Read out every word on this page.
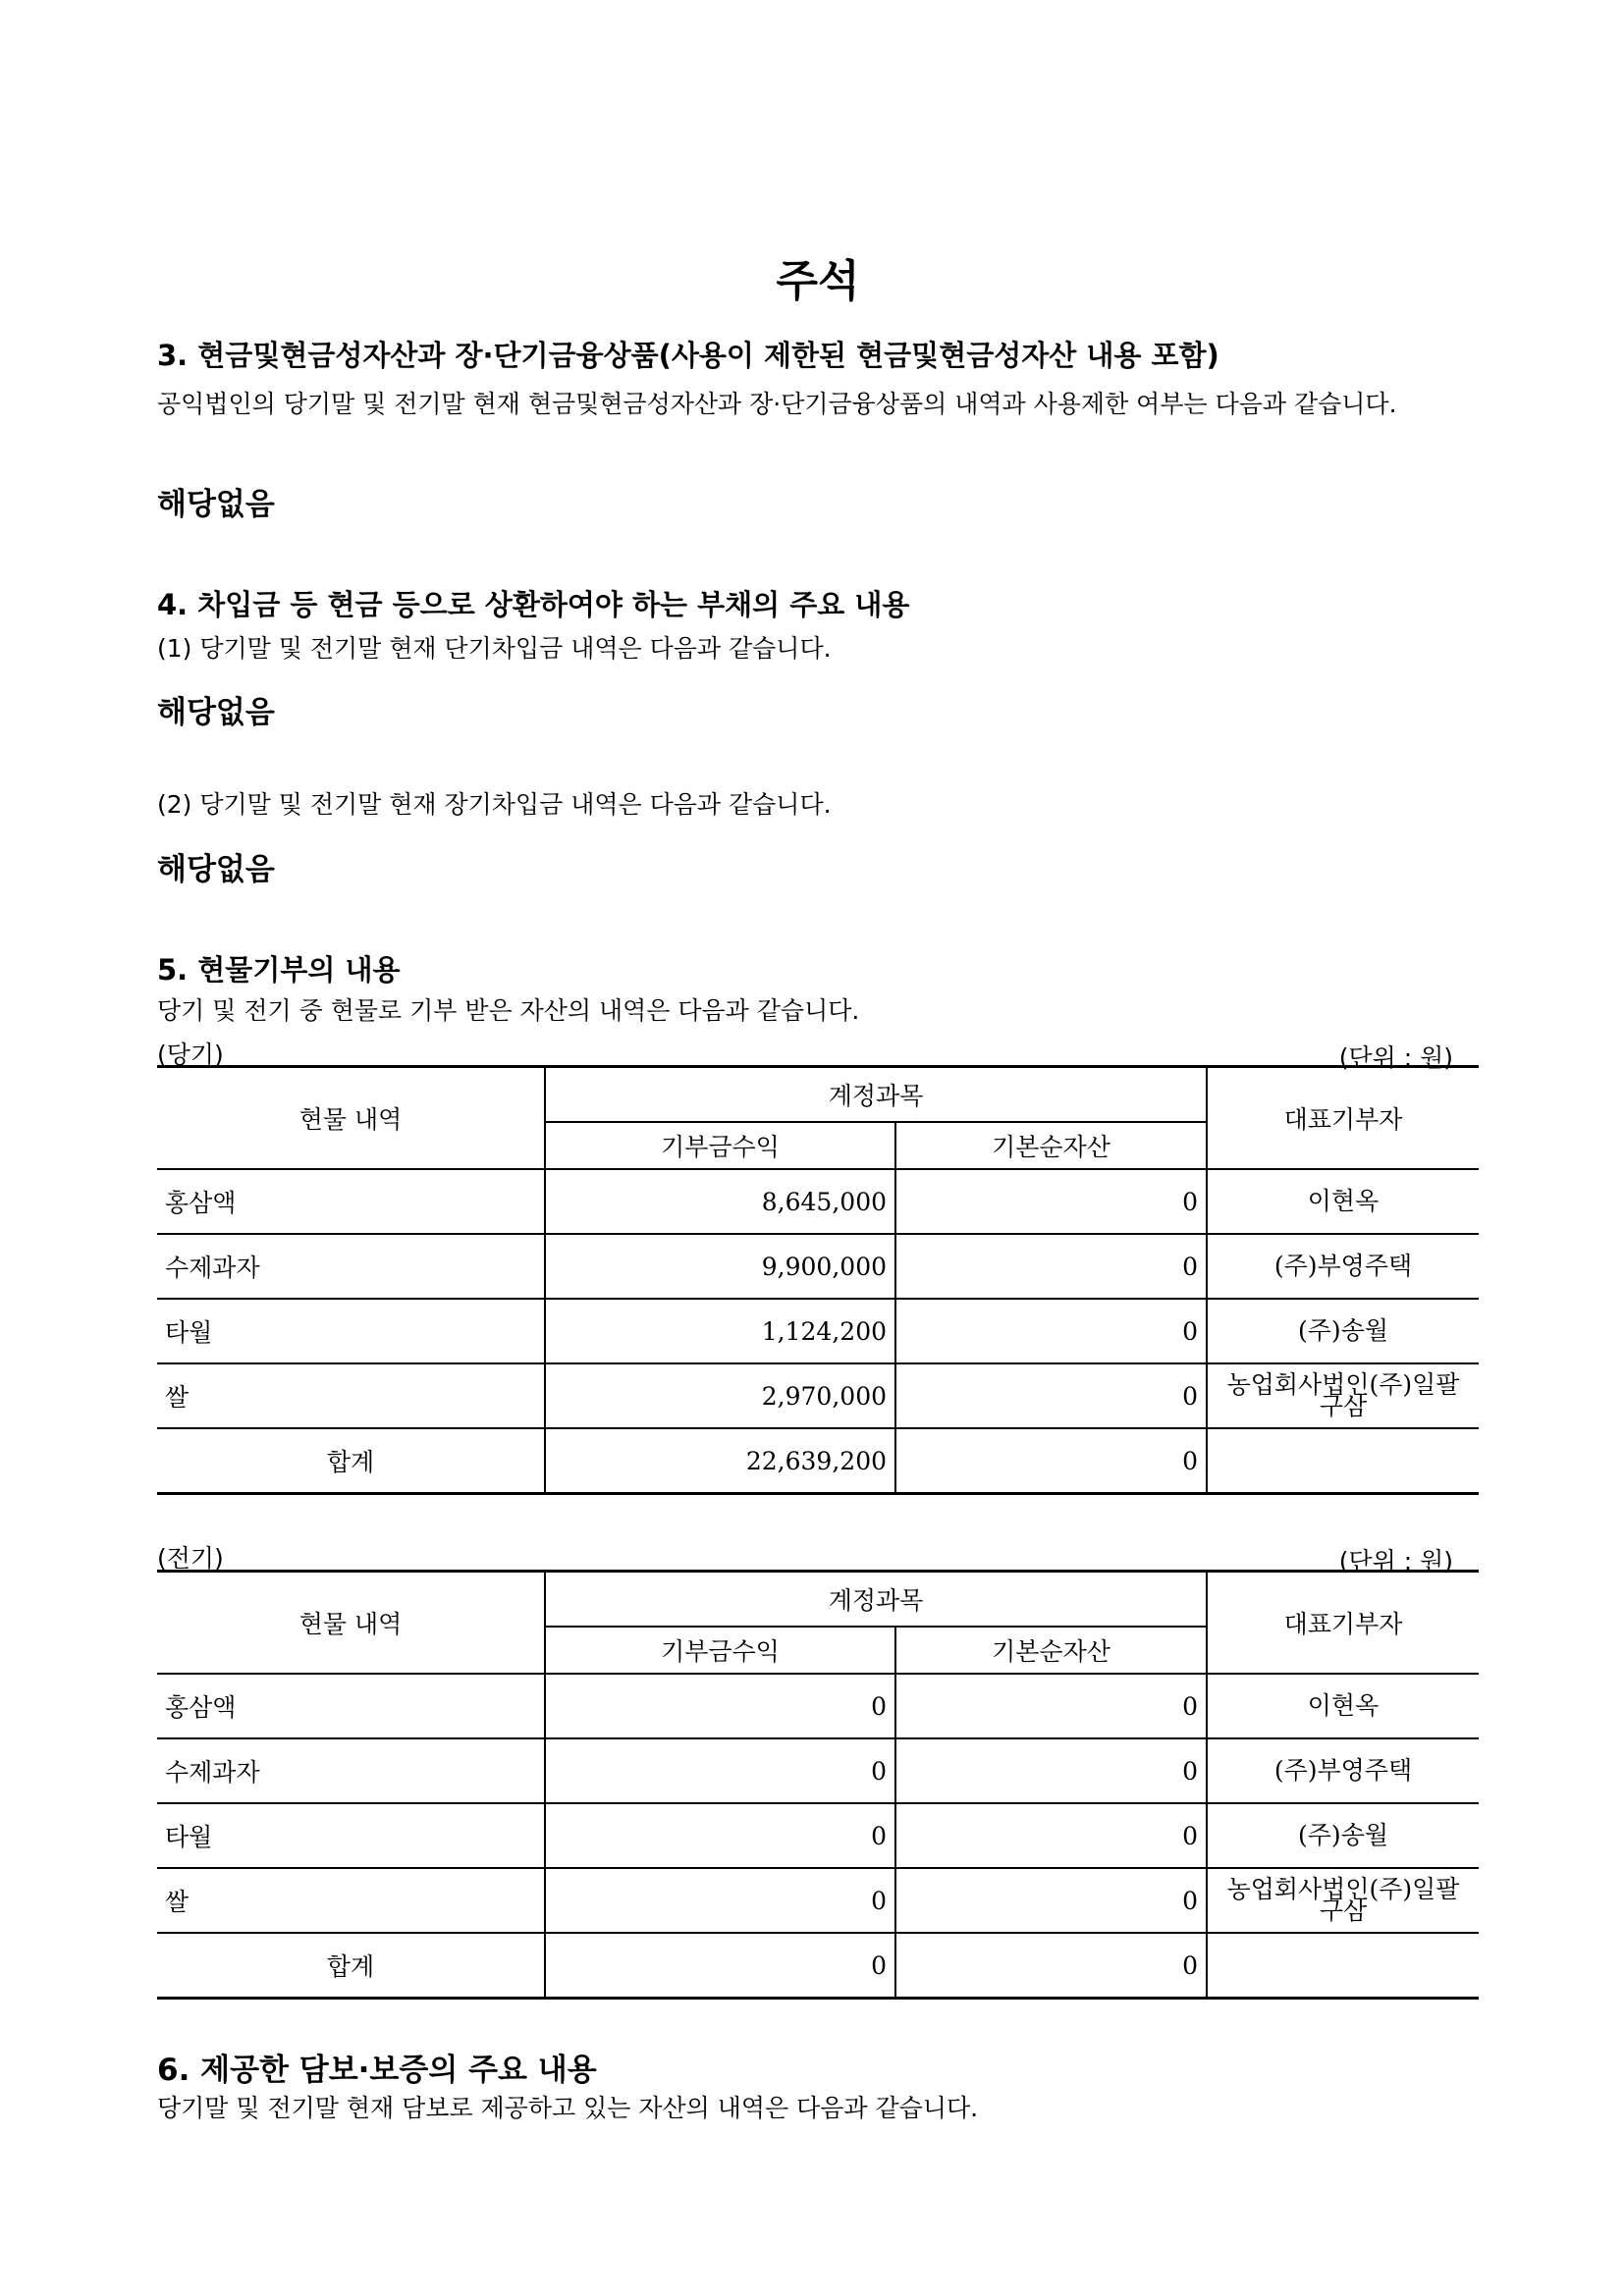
주석
3. 현금및현금성자산과 장·단기금융상품(사용이 제한된 현금및현금성자산 내용 포함)
공익법인의 당기말 및 전기말 현재 현금및현금성자산과 장·단기금융상품의 내역과 사용제한 여부는 다음과 같습니다.
해당없음
4. 차입금 등 현금 등으로 상환하여야 하는 부채의 주요 내용
(1) 당기말 및 전기말 현재 단기차입금 내역은 다음과 같습니다.
해당없음
(2) 당기말 및 전기말 현재 장기차입금 내역은 다음과 같습니다.
해당없음
5. 현물기부의 내용
당기 및 전기 중 현물로 기부 받은 자산의 내역은 다음과 같습니다.
(당기)	(단위 : 원)
현물 내역	계정과목		대표기부자
	기부금수익	기본순자산	
홍삼액	8,645,000	0	이현옥
수제과자	9,900,000	0	(주)부영주택
타월	1,124,200	0	(주)송월
쌀	2,970,000	0	농업회사법인(주)일팔구삼
합계	22,639,200	0	
(전기)	(단위 : 원)
현물 내역	계정과목		대표기부자
	기부금수익	기본순자산	
홍삼액	0	0	이현옥
수제과자	0	0	(주)부영주택
타월	0	0	(주)송월
쌀	0	0	농업회사법인(주)일팔구삼
합계	0	0	
6. 제공한 담보·보증의 주요 내용
당기말 및 전기말 현재 담보로 제공하고 있는 자산의 내역은 다음과 같습니다.
